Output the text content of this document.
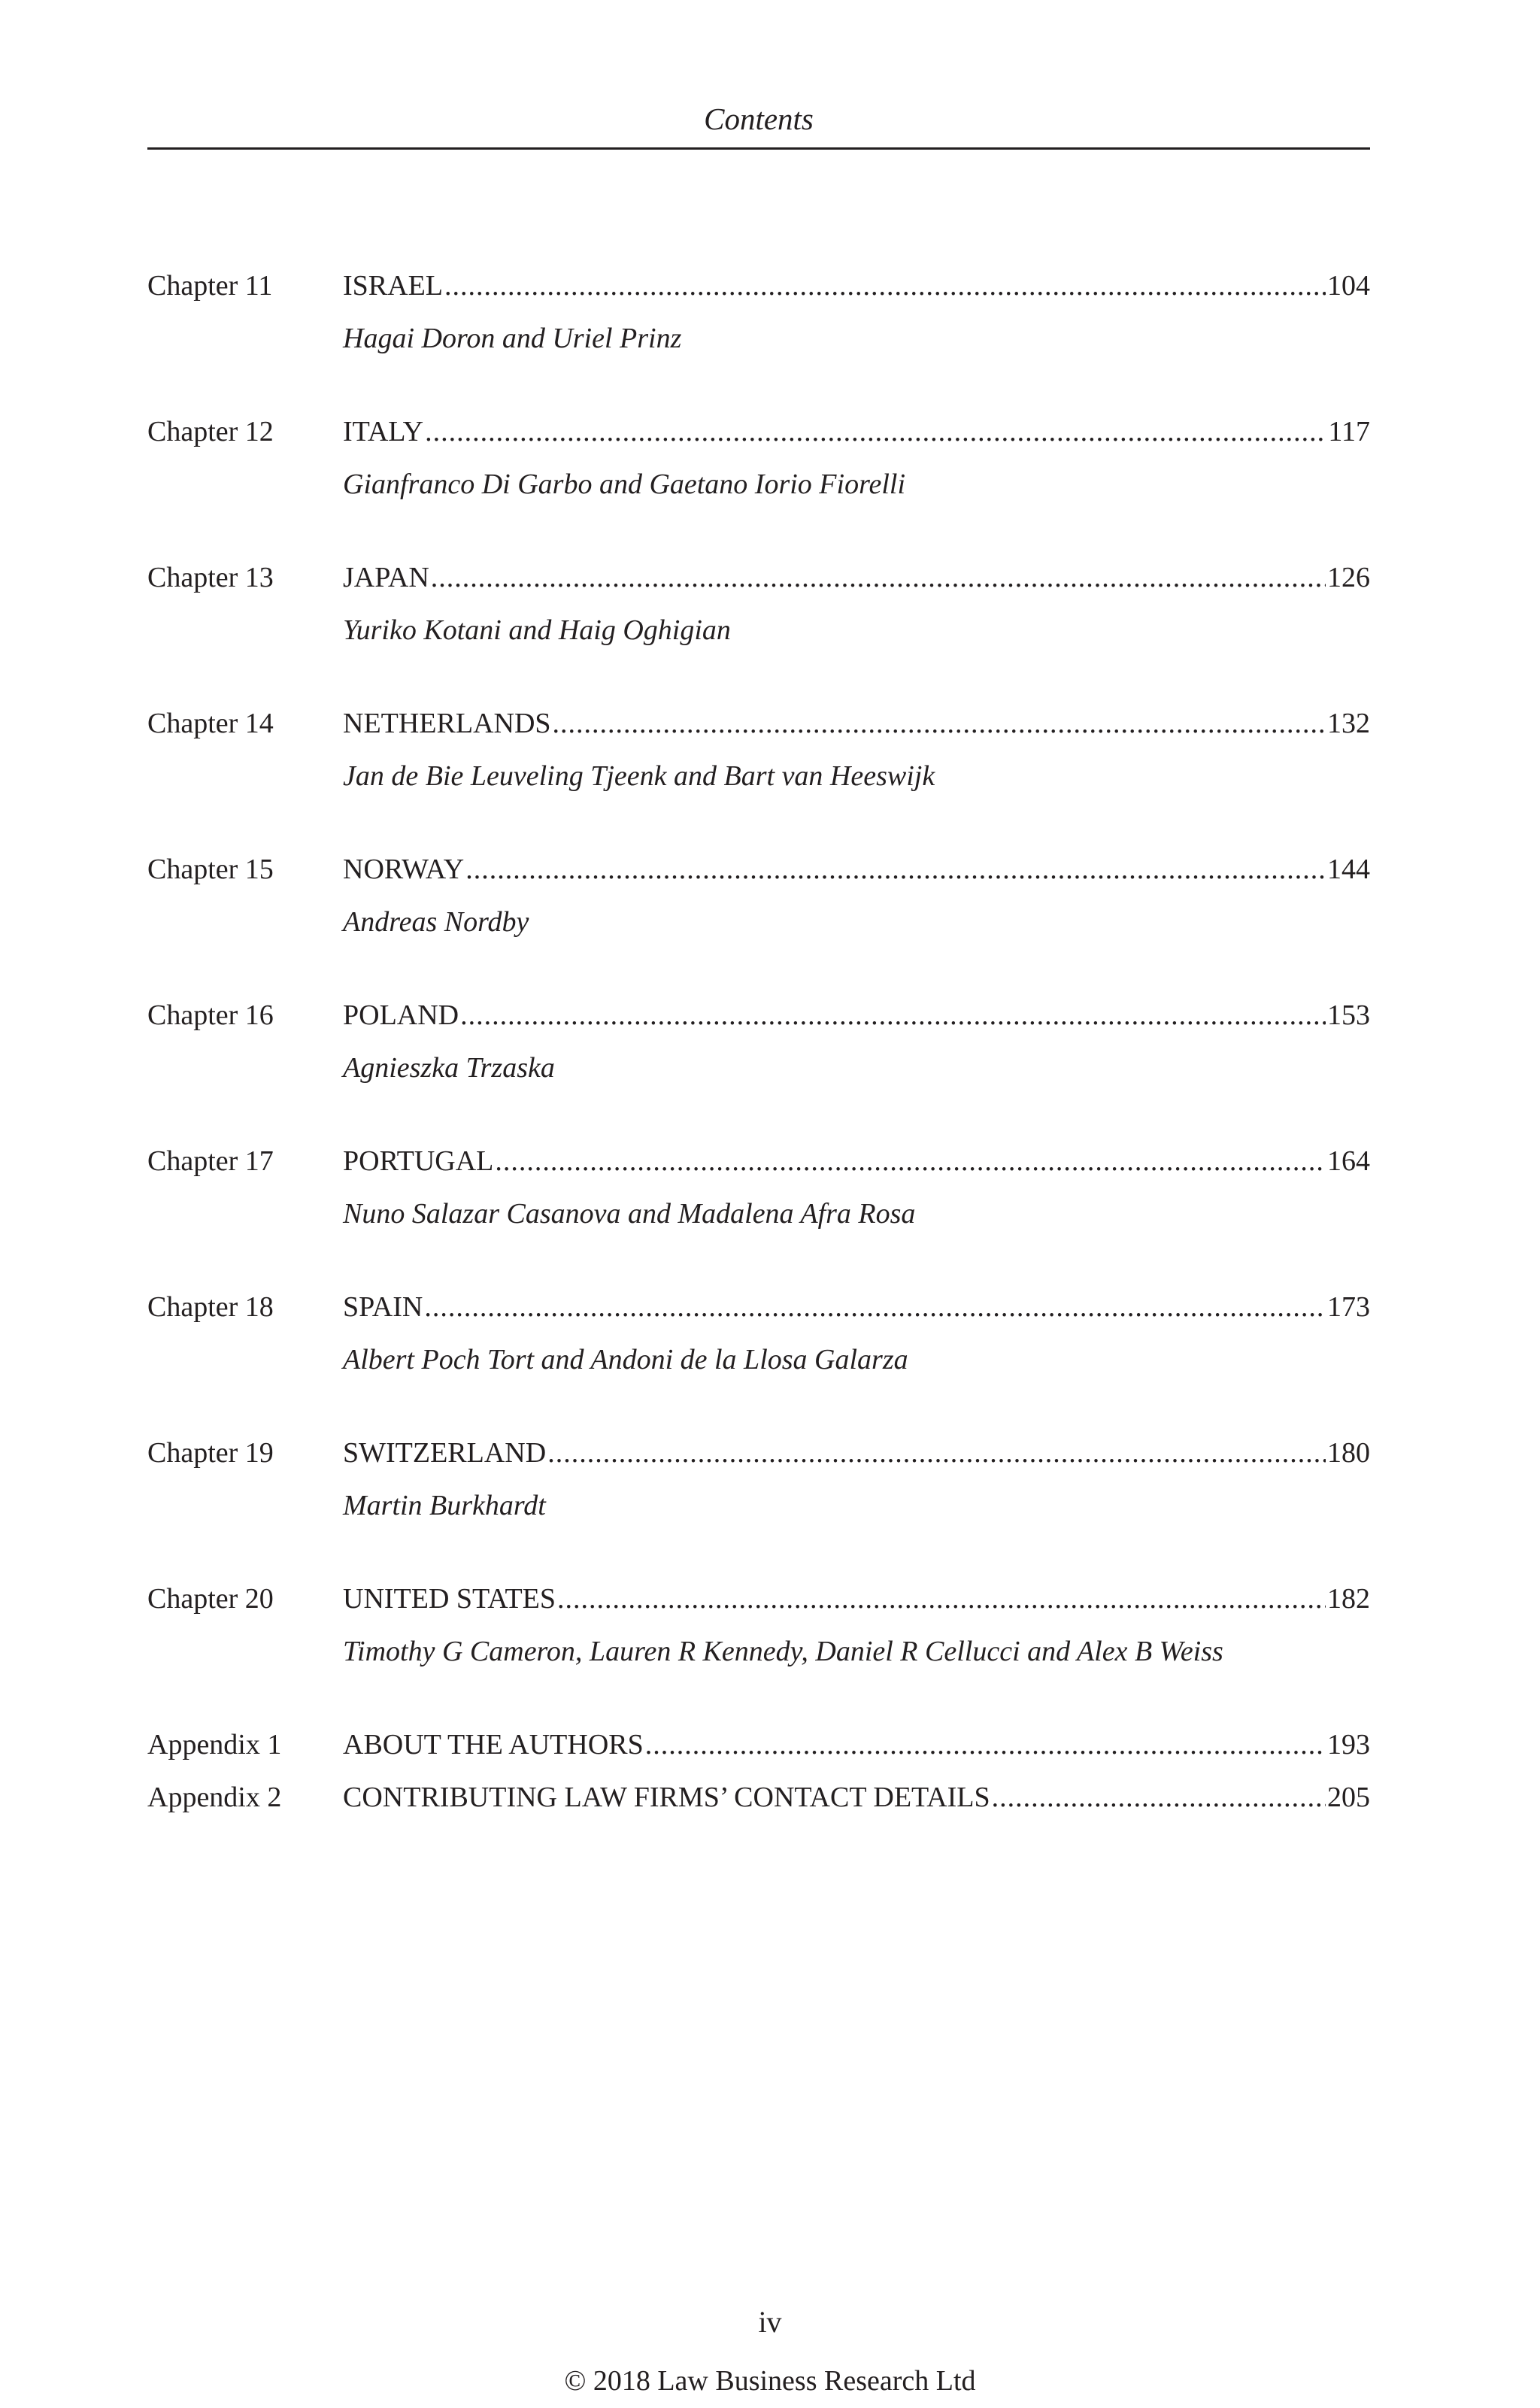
Contents
Chapter 11 ISRAEL .....	104
Hagai Doron and Uriel Prinz
Chapter 12 ITALY .....	117
Gianfranco Di Garbo and Gaetano Iorio Fiorelli
Chapter 13 JAPAN .....	126
Yuriko Kotani and Haig Oghigian
Chapter 14 NETHERLANDS .....	132
Jan de Bie Leuveling Tjeenk and Bart van Heeswijk
Chapter 15 NORWAY .....	144
Andreas Nordby
Chapter 16 POLAND .....	153
Agnieszka Trzaska
Chapter 17 PORTUGAL .....	164
Nuno Salazar Casanova and Madalena Afra Rosa
Chapter 18 SPAIN .....	173
Albert Poch Tort and Andoni de la Llosa Galarza
Chapter 19 SWITZERLAND .....	180
Martin Burkhardt
Chapter 20 UNITED STATES .....	182
Timothy G Cameron, Lauren R Kennedy, Daniel R Cellucci and Alex B Weiss
Appendix 1 ABOUT THE AUTHORS .....	193
Appendix 2 CONTRIBUTING LAW FIRMS’ CONTACT DETAILS .....	205
iv
© 2018 Law Business Research Ltd
